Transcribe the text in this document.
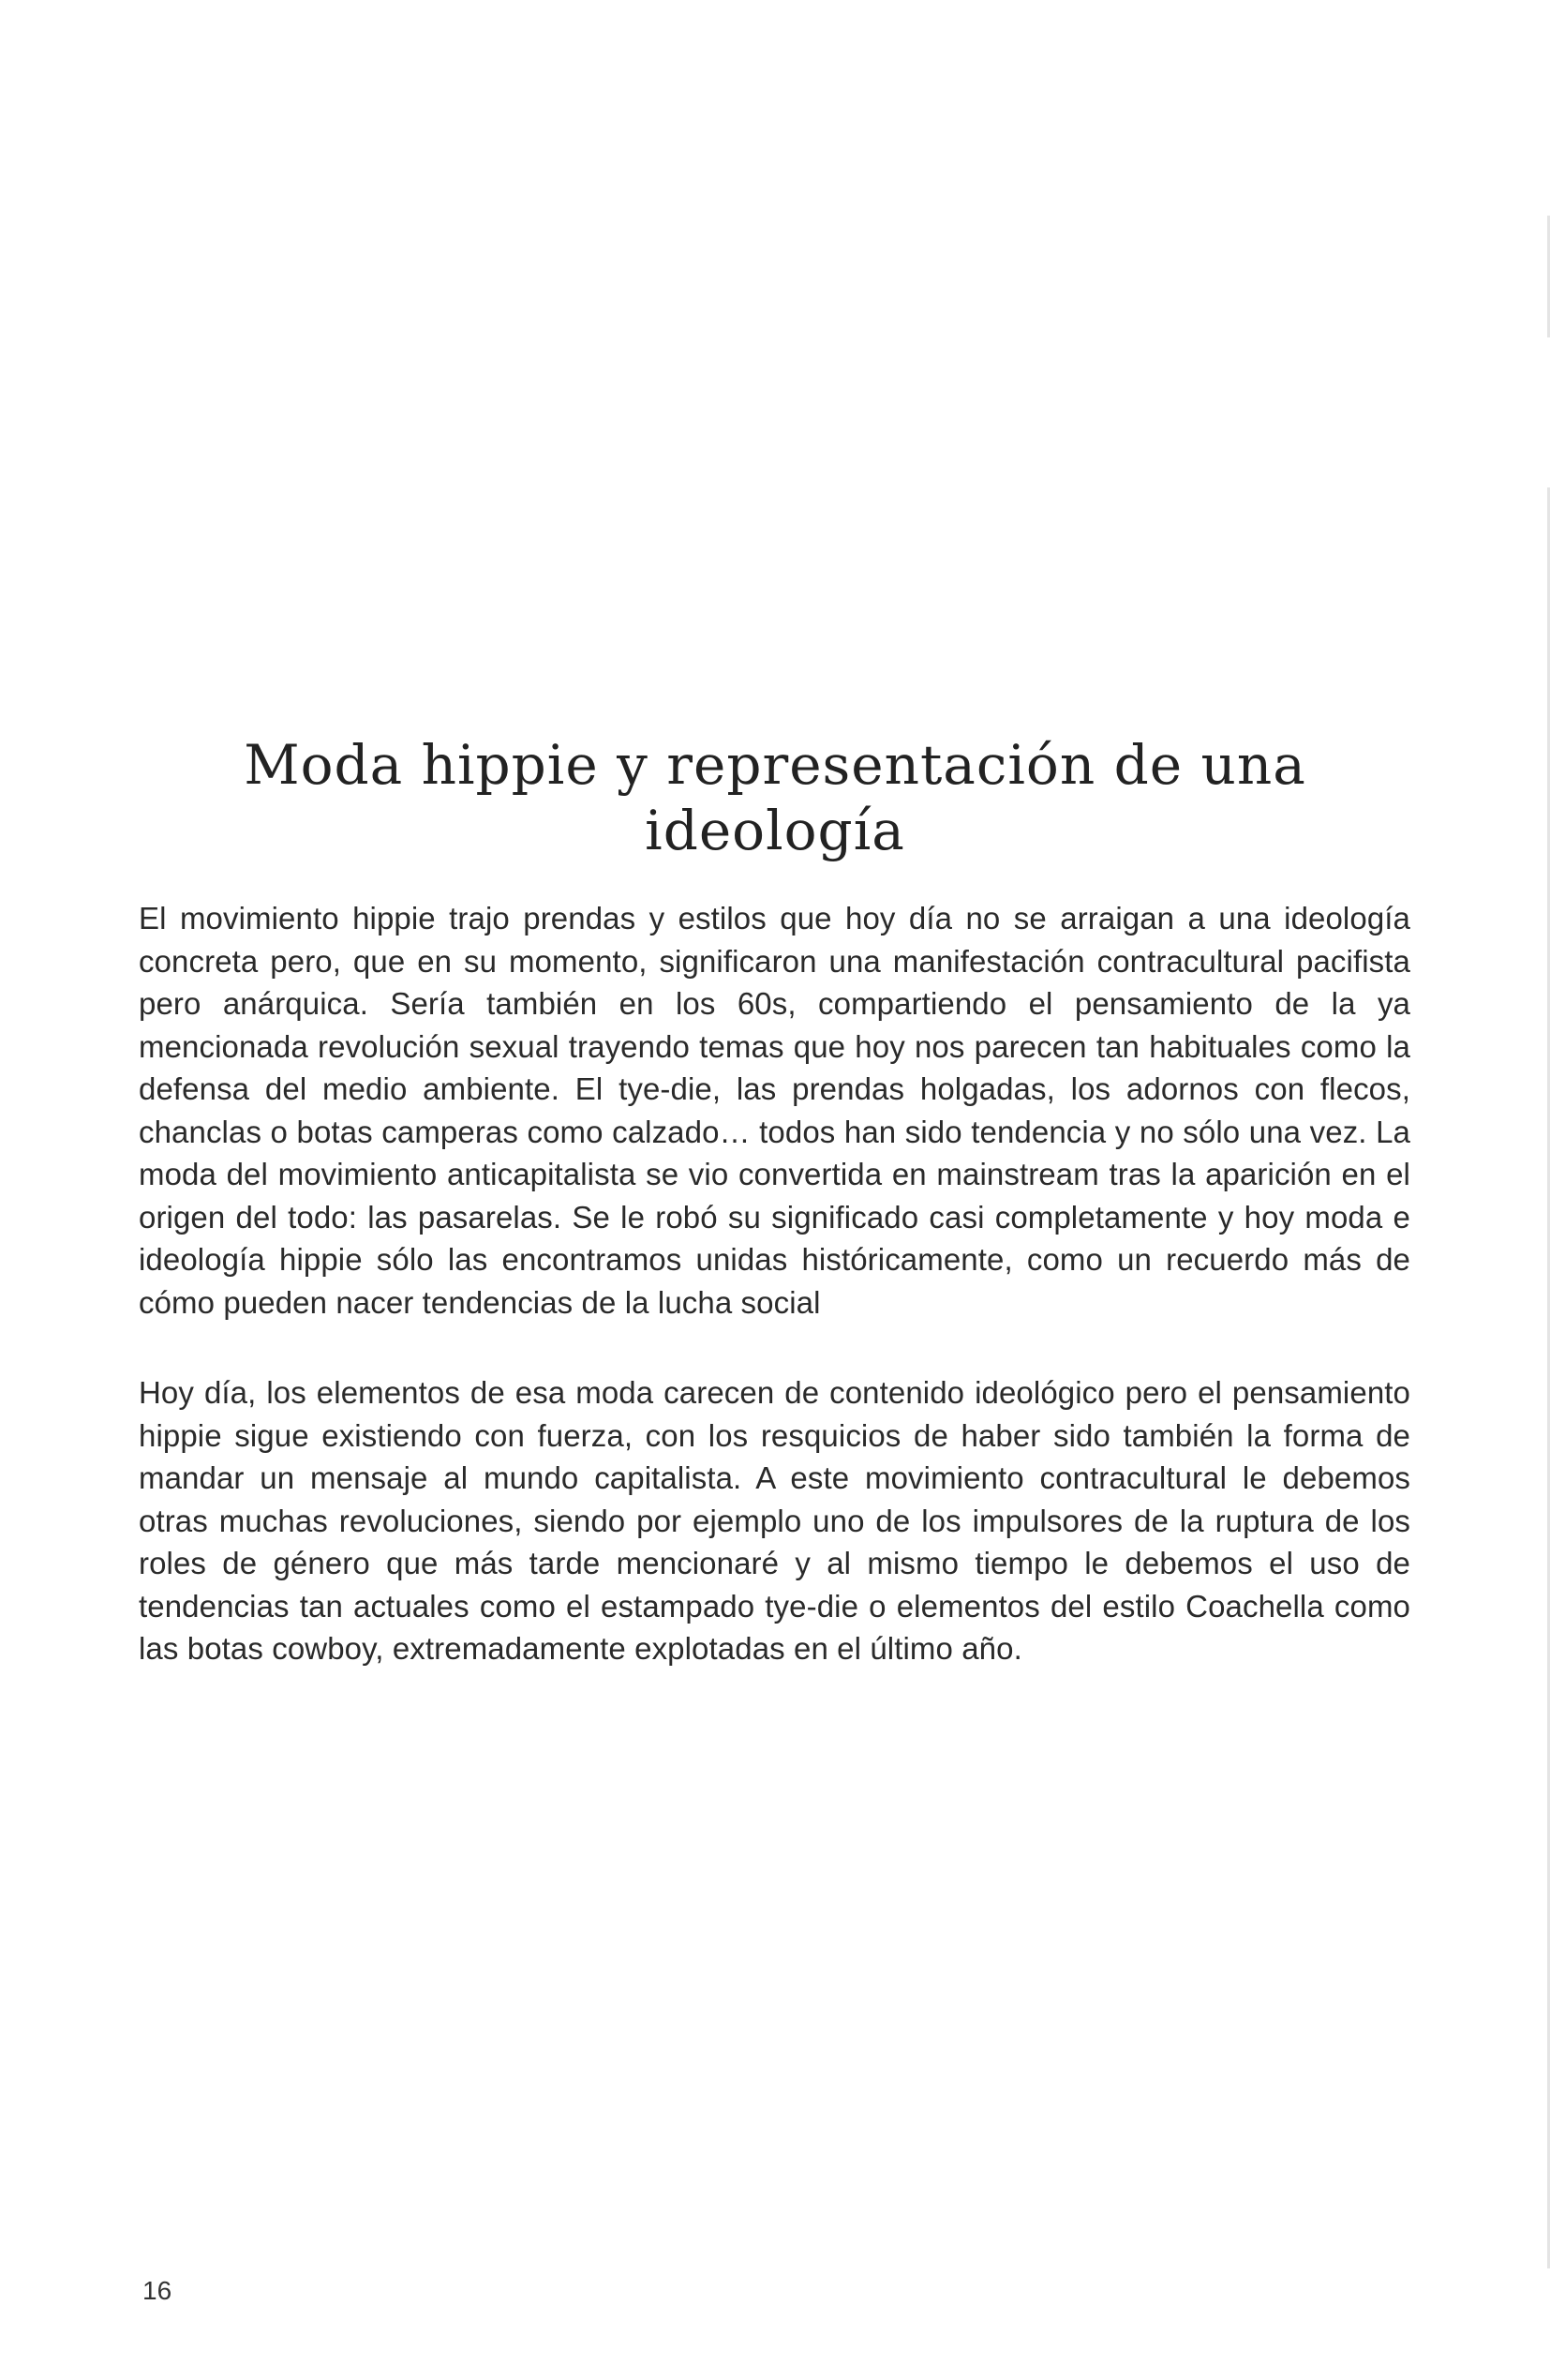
Moda hippie y representación de una ideología

El movimiento hippie trajo prendas y estilos que hoy día no se arraigan a una ideología concreta pero, que en su momento, significaron una manifestación contracultural pacifista pero anárquica. Sería también en los 60s, compartiendo el pensamiento de la ya mencionada revolución sexual trayendo temas que hoy nos parecen tan habituales como la defensa del medio ambiente. El tye-die, las prendas holgadas, los adornos con flecos, chanclas o botas camperas como calzado… todos han sido tendencia y no sólo una vez. La moda del movimiento anticapitalista se vio convertida en mainstream tras la aparición en el origen del todo: las pasarelas. Se le robó su significado casi completamente y hoy moda e ideología hippie sólo las encontramos unidas históricamente, como un recuerdo más de cómo pueden nacer tendencias de la lucha social

Hoy día, los elementos de esa moda carecen de contenido ideológico pero el pensamiento hippie sigue existiendo con fuerza, con los resquicios de haber sido también la forma de mandar un mensaje al mundo capitalista. A este movimiento contracultural le debemos otras muchas revoluciones, siendo por ejemplo uno de los impulsores de la ruptura de los roles de género que más tarde mencionaré y al mismo tiempo le debemos el uso de tendencias tan actuales como el estampado tye-die o elementos del estilo Coachella como las botas cowboy, extremadamente explotadas en el último año.

16
